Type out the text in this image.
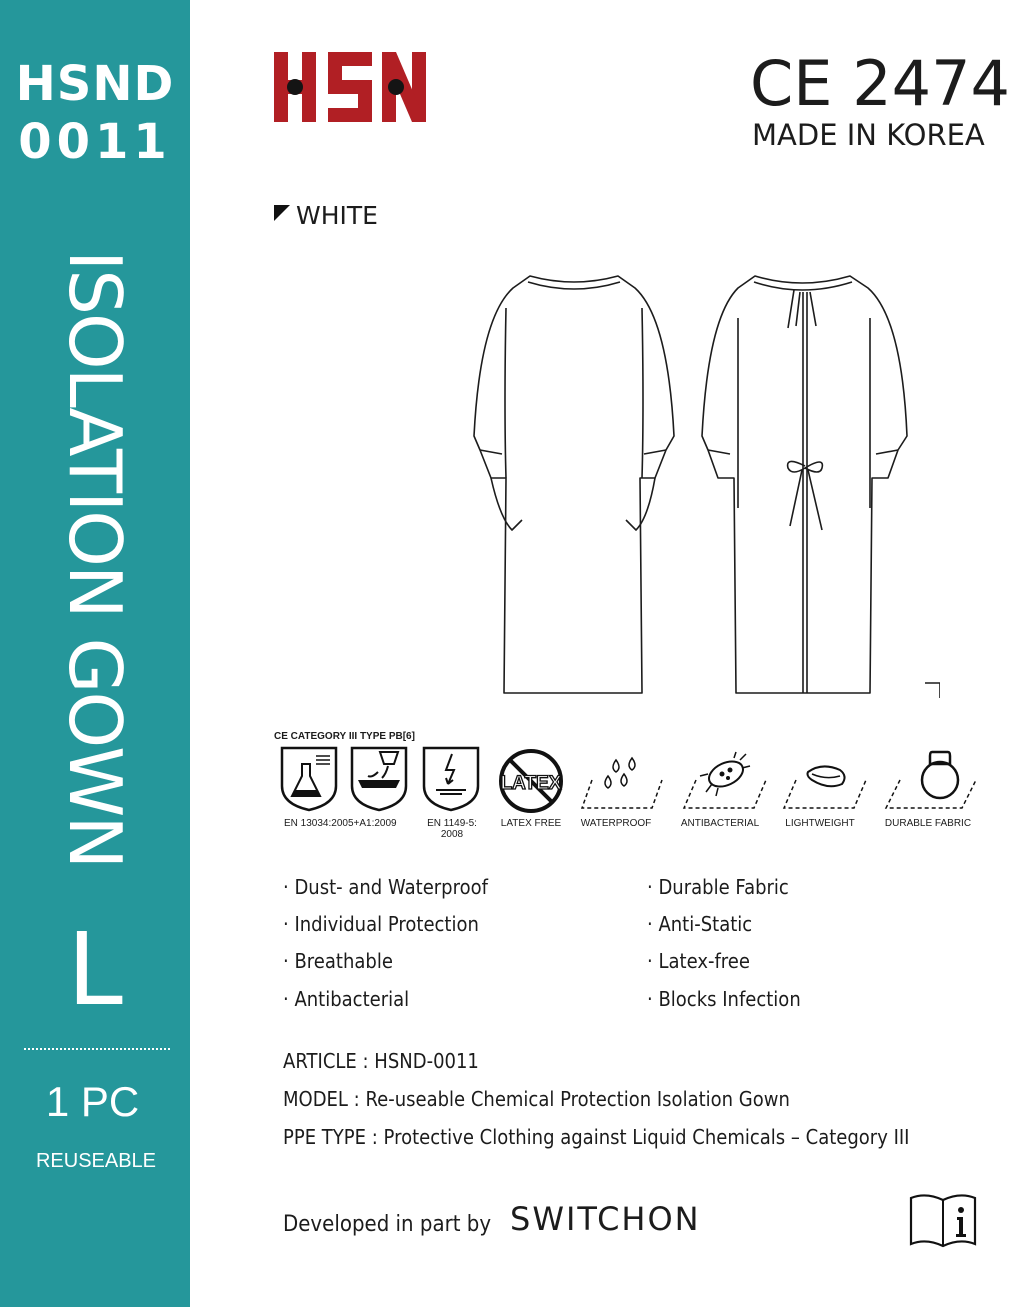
HSND
0011
ISOLATION GOWN
L
1 PC
REUSEABLE
CE 2474
MADE IN KOREA
WHITE
CE CATEGORY III TYPE PB[6]
LATEX
EN 13034:2005+A1:2009	EN 1149-5:
2008
LATEX FREE	WATERPROOF	ANTIBACTERIAL	LIGHTWEIGHT	DURABLE FABRIC
· Dust- and Waterproof
· Individual Protection
· Breathable
· Antibacterial
· Durable Fabric
· Anti-Static
· Latex-free
· Blocks Infection
ARTICLE : HSND-0011
MODEL : Re-useable Chemical Protection Isolation Gown
PPE TYPE : Protective Clothing against Liquid Chemicals – Category III
Developed in part by SWITCHON
